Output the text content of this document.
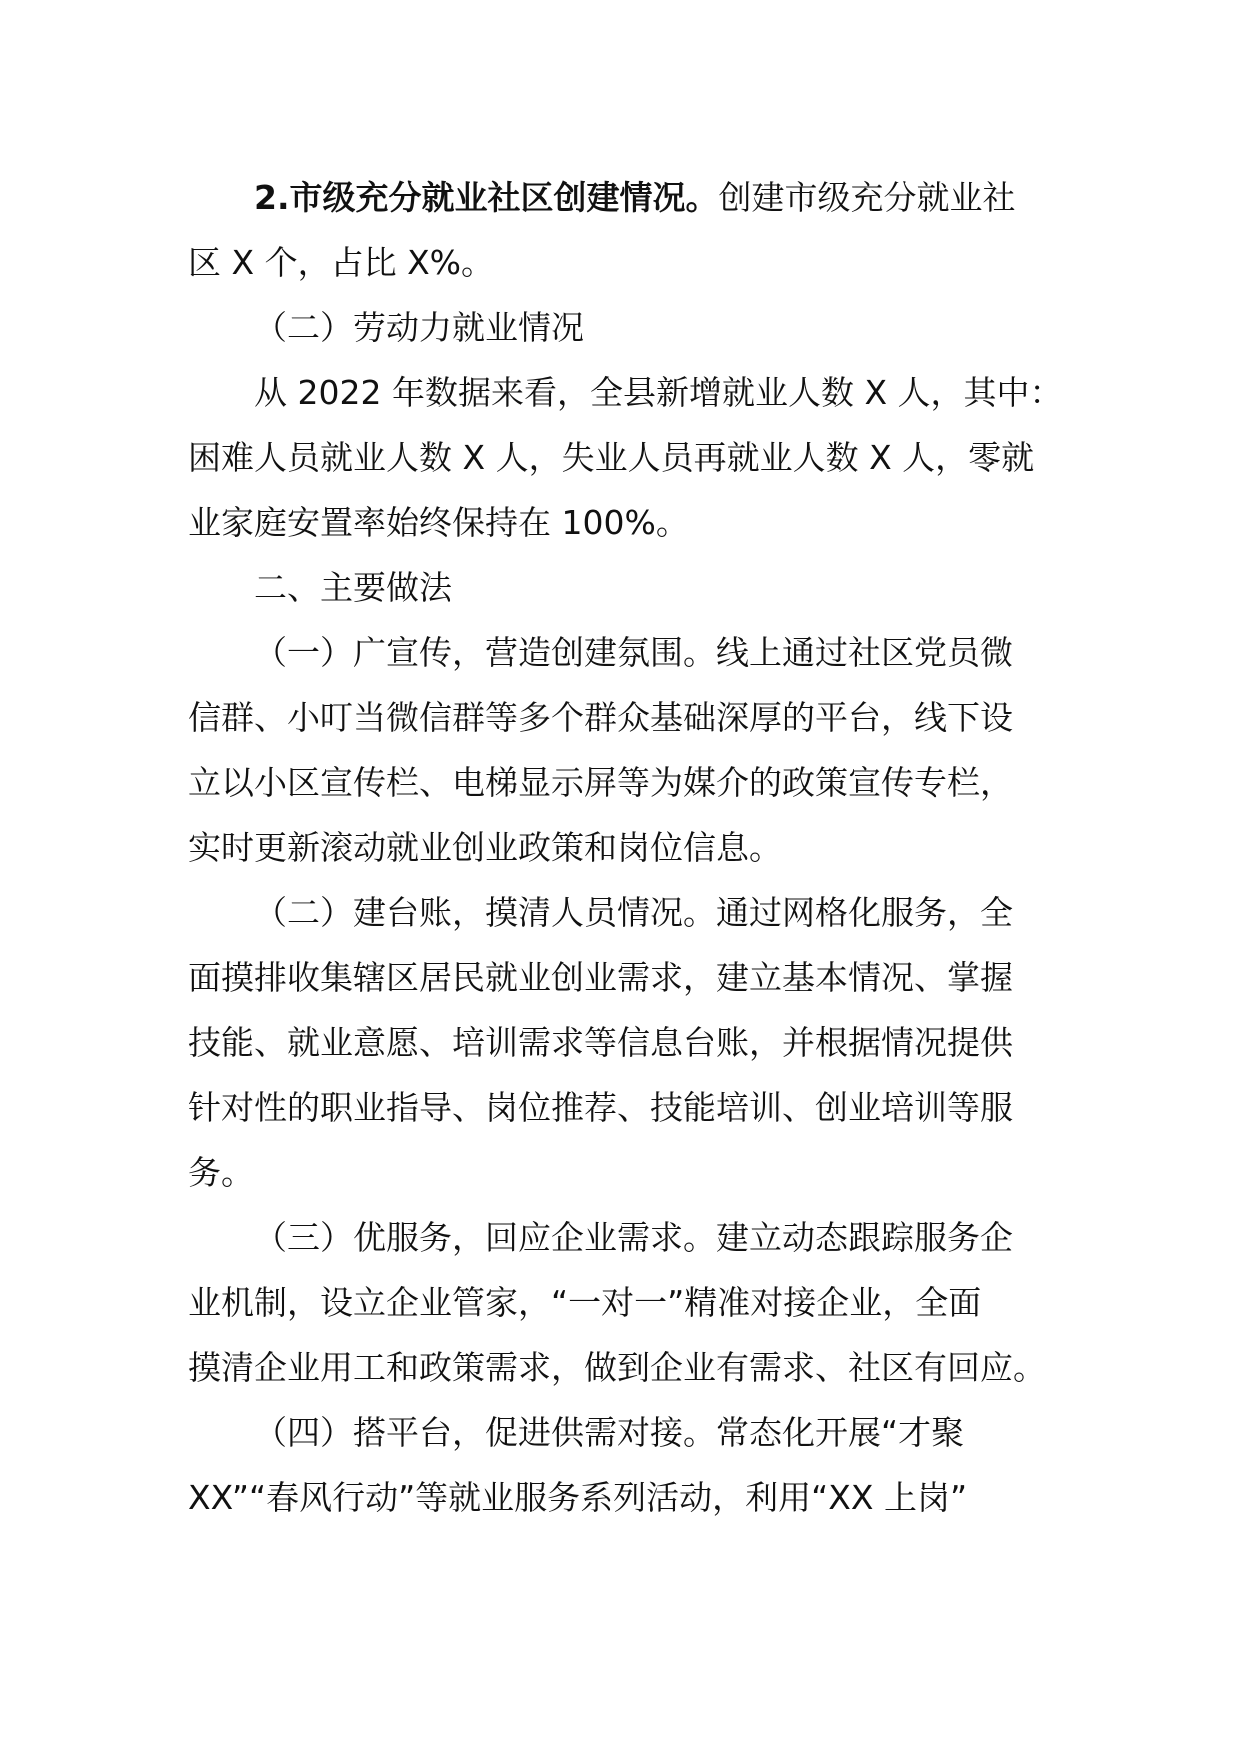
2.市级充分就业社区创建情况。创建市级充分就业社
区 X 个，占比 X%。

（二）劳动力就业情况

从 2022 年数据来看，全县新增就业人数 X 人，其中：
困难人员就业人数 X 人，失业人员再就业人数 X 人，零就
业家庭安置率始终保持在 100%。

二、主要做法

（一）广宣传，营造创建氛围。线上通过社区党员微
信群、小叮当微信群等多个群众基础深厚的平台，线下设
立以小区宣传栏、电梯显示屏等为媒介的政策宣传专栏，
实时更新滚动就业创业政策和岗位信息。

（二）建台账，摸清人员情况。通过网格化服务，全
面摸排收集辖区居民就业创业需求，建立基本情况、掌握
技能、就业意愿、培训需求等信息台账，并根据情况提供
针对性的职业指导、岗位推荐、技能培训、创业培训等服
务。

（三）优服务，回应企业需求。建立动态跟踪服务企
业机制，设立企业管家，“一对一”精准对接企业，全面
摸清企业用工和政策需求，做到企业有需求、社区有回应。

（四）搭平台，促进供需对接。常态化开展“才聚
XX”“春风行动”等就业服务系列活动，利用“XX 上岗”
